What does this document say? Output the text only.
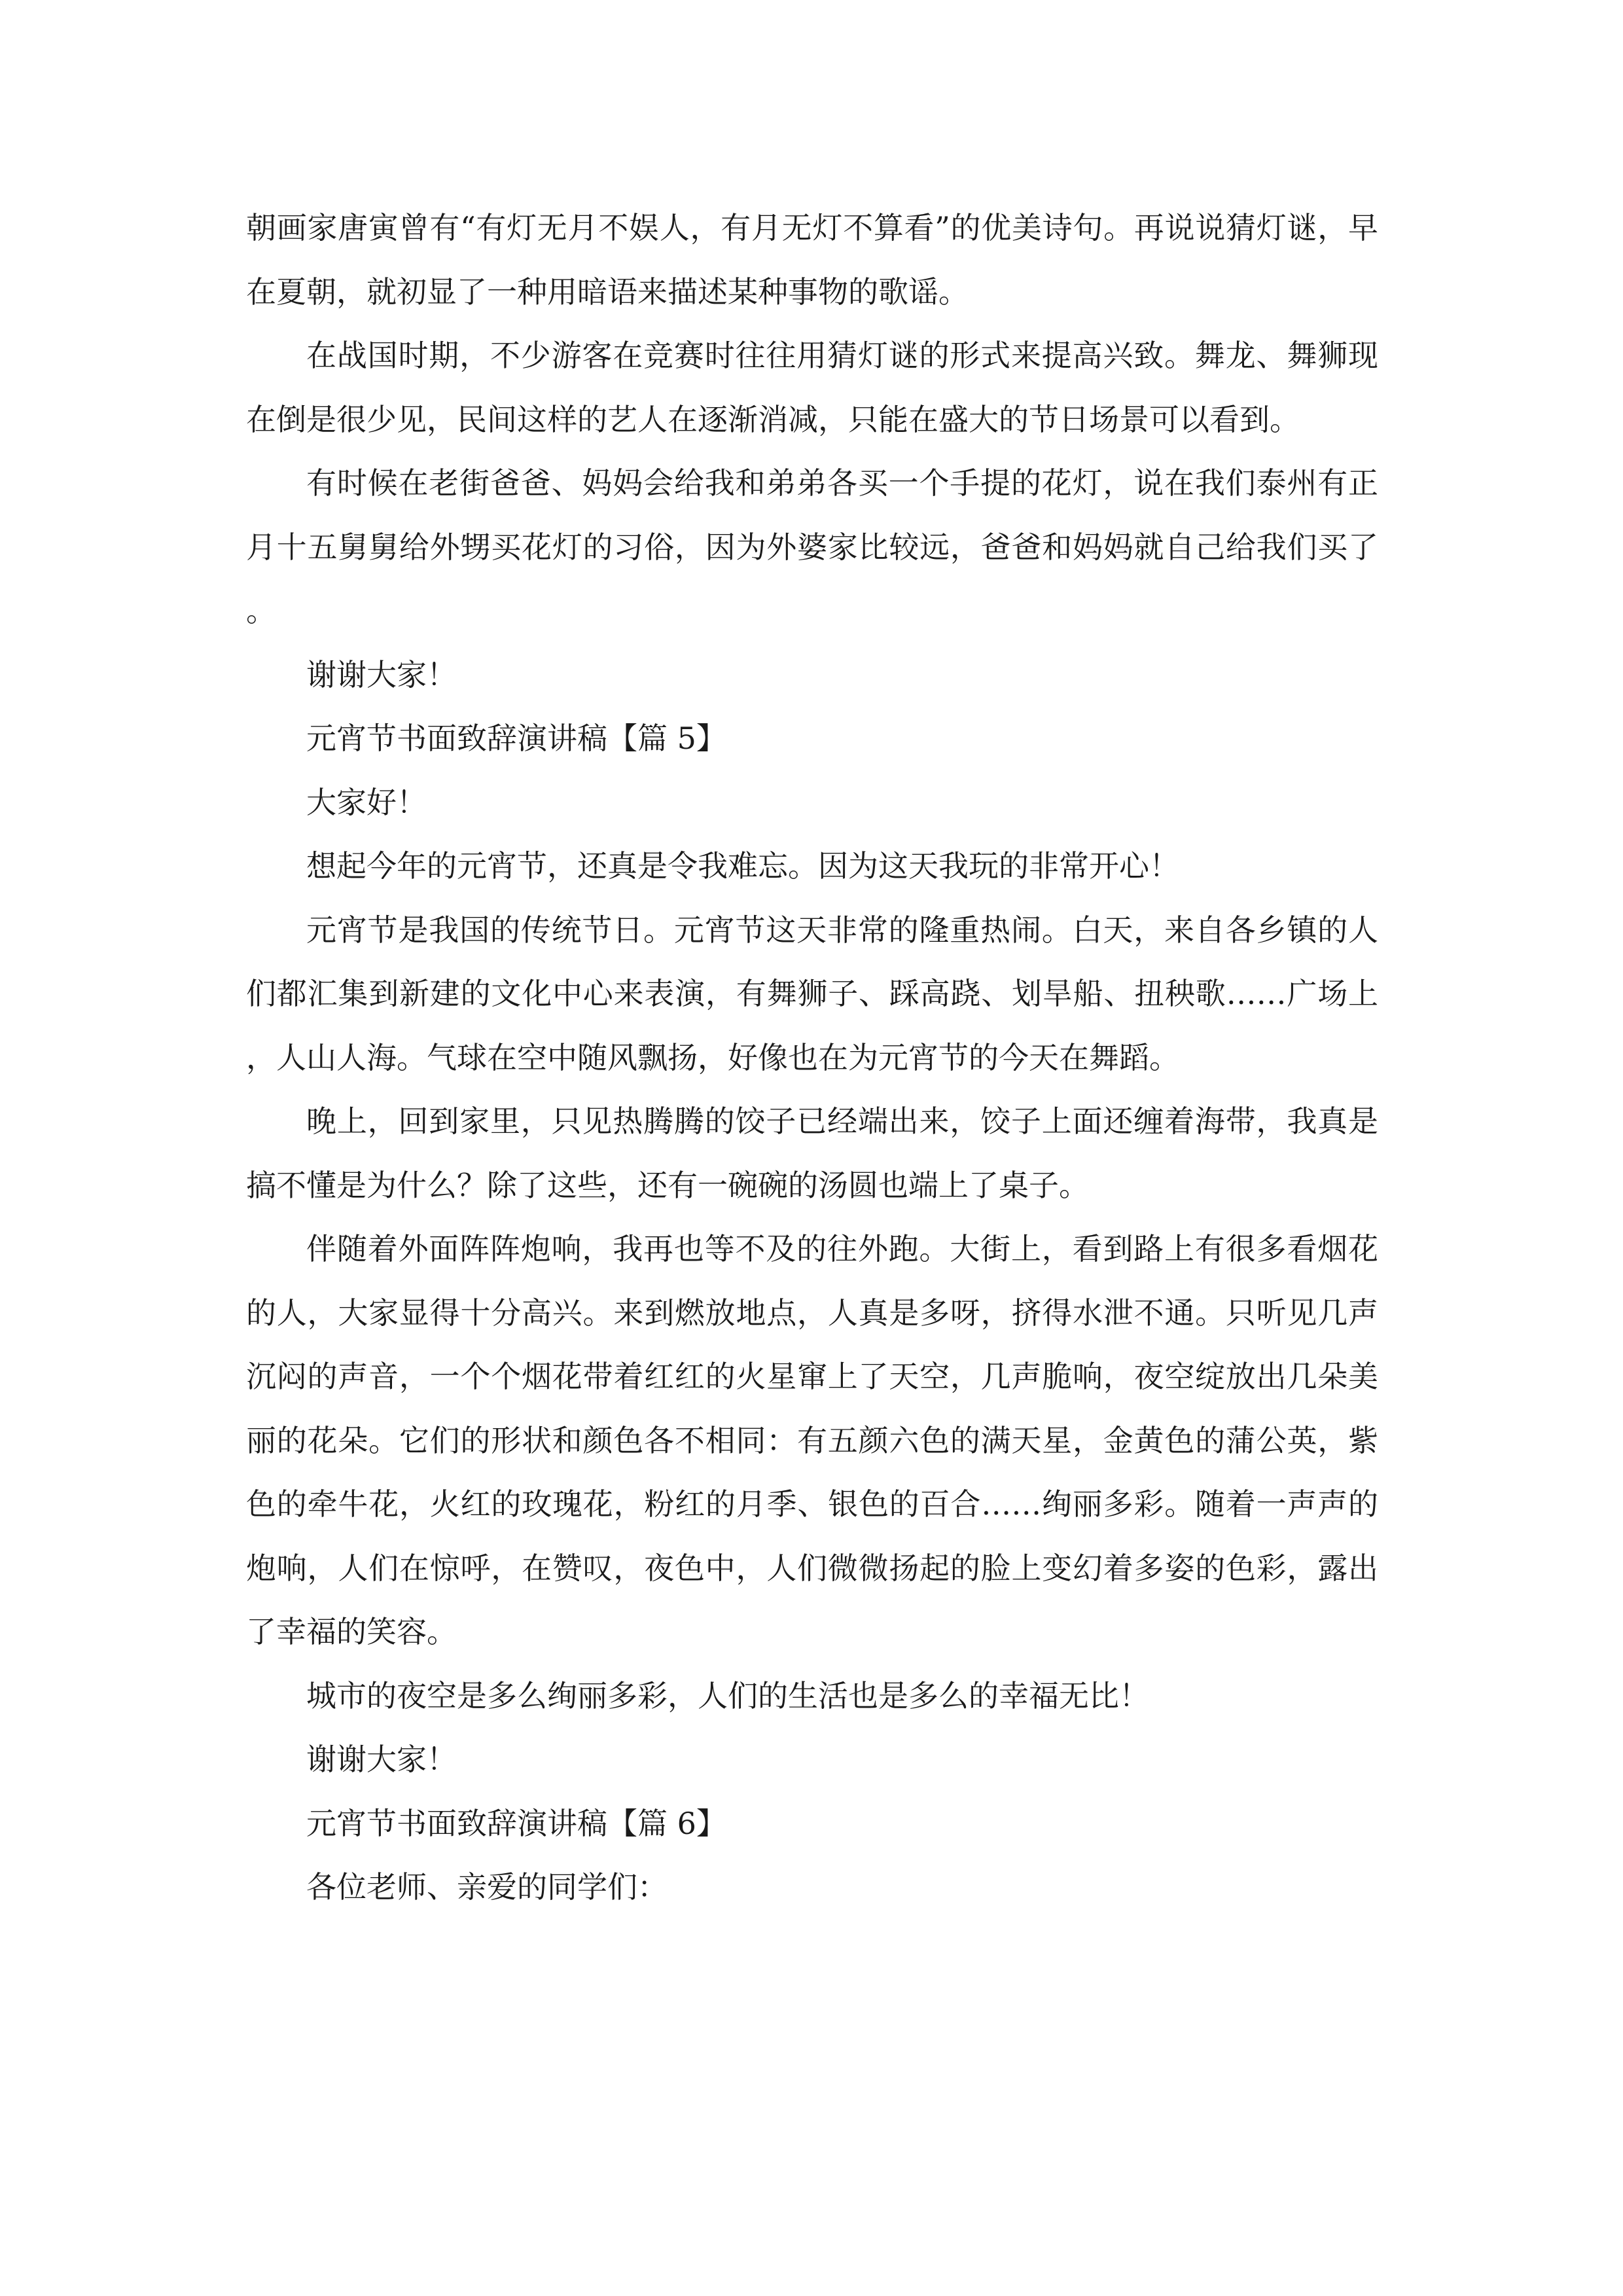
朝画家唐寅曾有“有灯无月不娱人，有月无灯不算看”的优美诗句。再说说猜灯谜，早在夏朝，就初显了一种用暗语来描述某种事物的歌谣。

在战国时期，不少游客在竞赛时往往用猜灯谜的形式来提高兴致。舞龙、舞狮现在倒是很少见，民间这样的艺人在逐渐消减，只能在盛大的节日场景可以看到。

有时候在老街爸爸、妈妈会给我和弟弟各买一个手提的花灯，说在我们泰州有正月十五舅舅给外甥买花灯的习俗，因为外婆家比较远，爸爸和妈妈就自己给我们买了。

谢谢大家！

元宵节书面致辞演讲稿【篇 5】

大家好！

想起今年的元宵节，还真是令我难忘。因为这天我玩的非常开心！

元宵节是我国的传统节日。元宵节这天非常的隆重热闹。白天，来自各乡镇的人们都汇集到新建的文化中心来表演，有舞狮子、踩高跷、划旱船、扭秧歌……广场上，人山人海。气球在空中随风飘扬，好像也在为元宵节的今天在舞蹈。

晚上，回到家里，只见热腾腾的饺子已经端出来，饺子上面还缠着海带，我真是搞不懂是为什么？除了这些，还有一碗碗的汤圆也端上了桌子。

伴随着外面阵阵炮响，我再也等不及的往外跑。大街上，看到路上有很多看烟花的人，大家显得十分高兴。来到燃放地点，人真是多呀，挤得水泄不通。只听见几声沉闷的声音，一个个烟花带着红红的火星窜上了天空，几声脆响，夜空绽放出几朵美丽的花朵。它们的形状和颜色各不相同：有五颜六色的满天星，金黄色的蒲公英，紫色的牵牛花，火红的玫瑰花，粉红的月季、银色的百合……绚丽多彩。随着一声声的炮响，人们在惊呼，在赞叹，夜色中，人们微微扬起的脸上变幻着多姿的色彩，露出了幸福的笑容。

城市的夜空是多么绚丽多彩，人们的生活也是多么的幸福无比！

谢谢大家！

元宵节书面致辞演讲稿【篇 6】

各位老师、亲爱的同学们：
